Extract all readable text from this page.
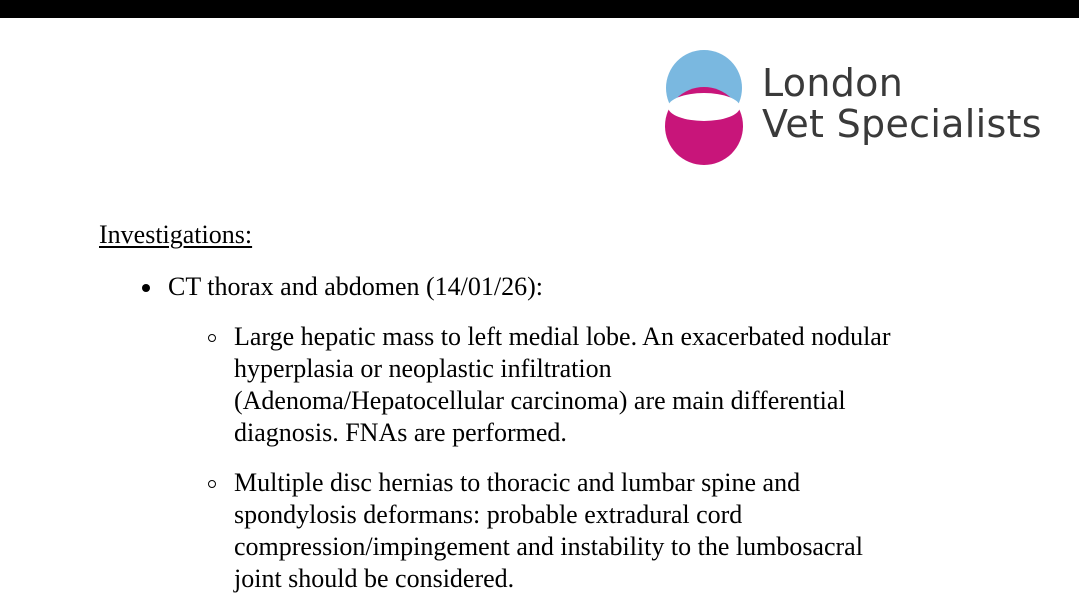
London
Vet Specialists
Investigations:
CT thorax and abdomen (14/01/26):
Large hepatic mass to left medial lobe. An exacerbated nodular
hyperplasia or neoplastic infiltration
(Adenoma/Hepatocellular carcinoma) are main differential
diagnosis. FNAs are performed.
Multiple disc hernias to thoracic and lumbar spine and
spondylosis deformans: probable extradural cord
compression/impingement and instability to the lumbosacral
joint should be considered.
